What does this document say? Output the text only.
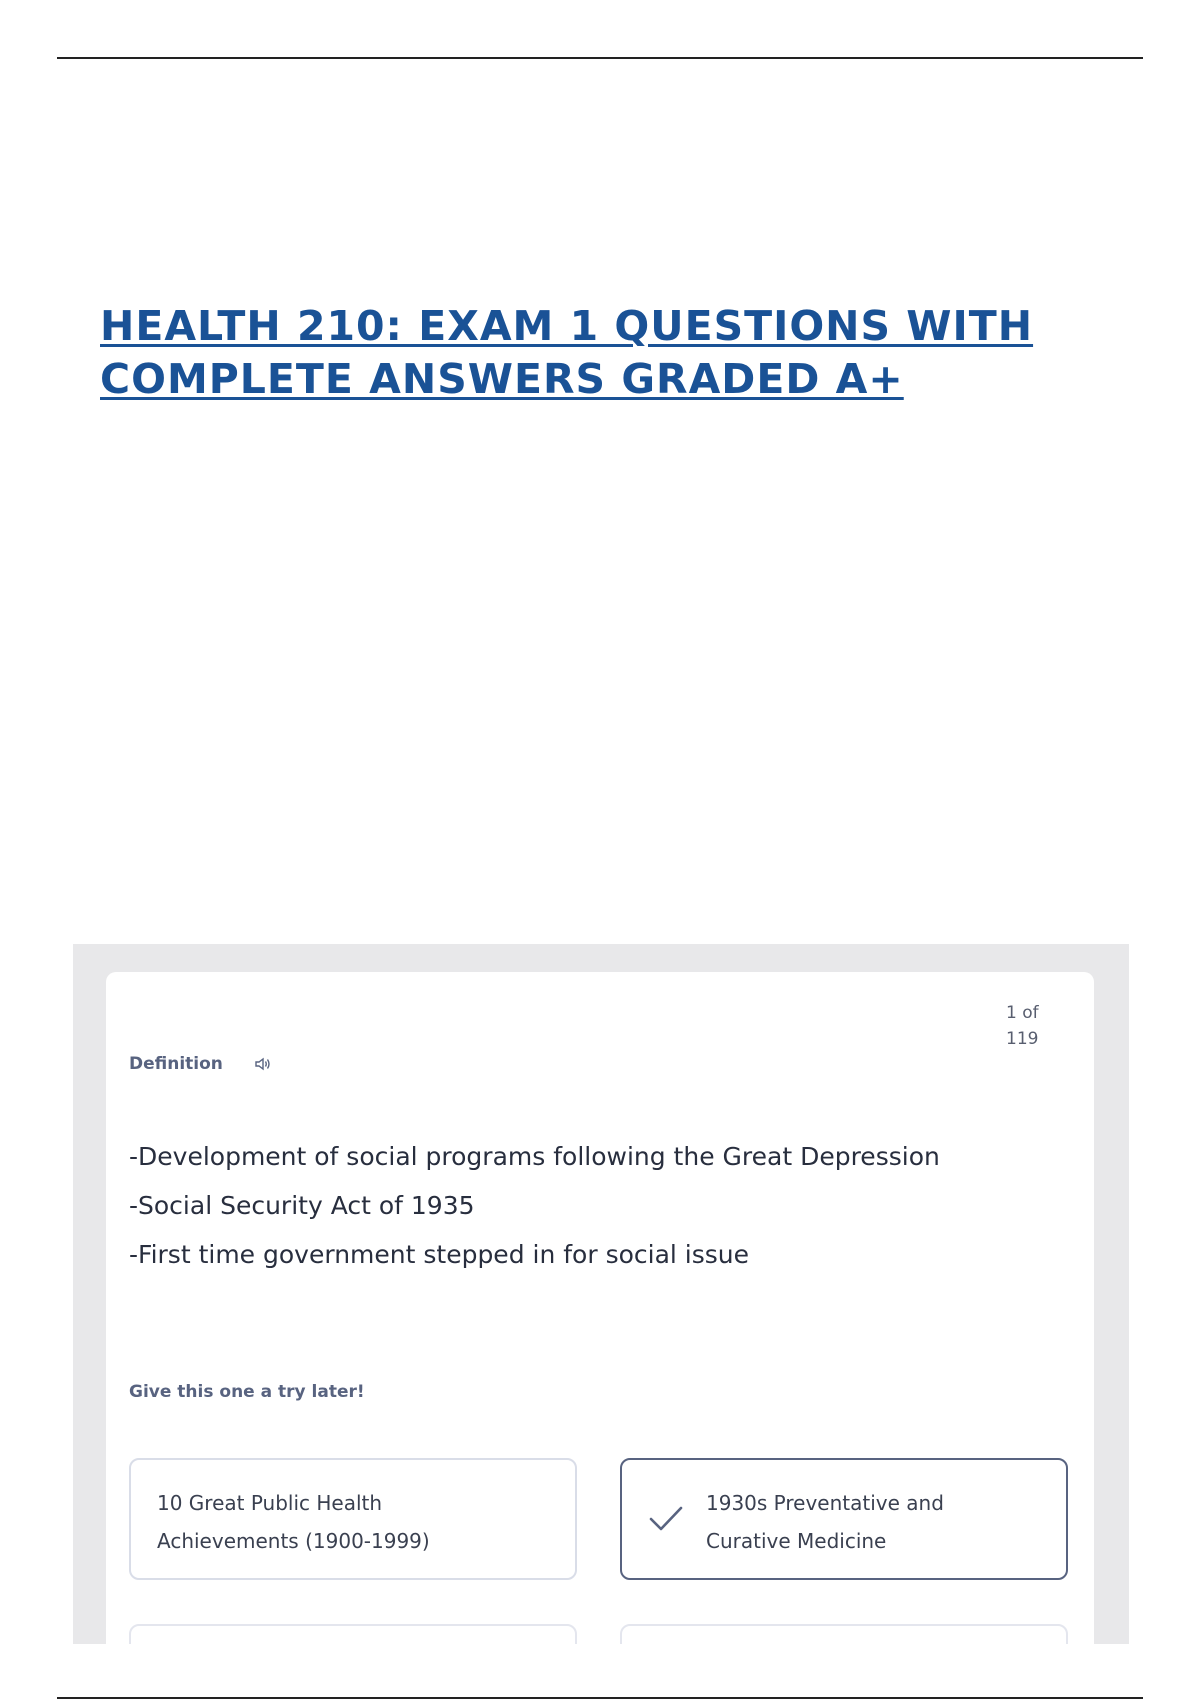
HEALTH 210: EXAM 1 QUESTIONS WITH COMPLETE ANSWERS GRADED A+
1 of
119
Definition
-Development of social programs following the Great Depression
-Social Security Act of 1935
-First time government stepped in for social issue
Give this one a try later!
10 Great Public Health
Achievements (1900-1999)
1930s Preventative and
Curative Medicine
